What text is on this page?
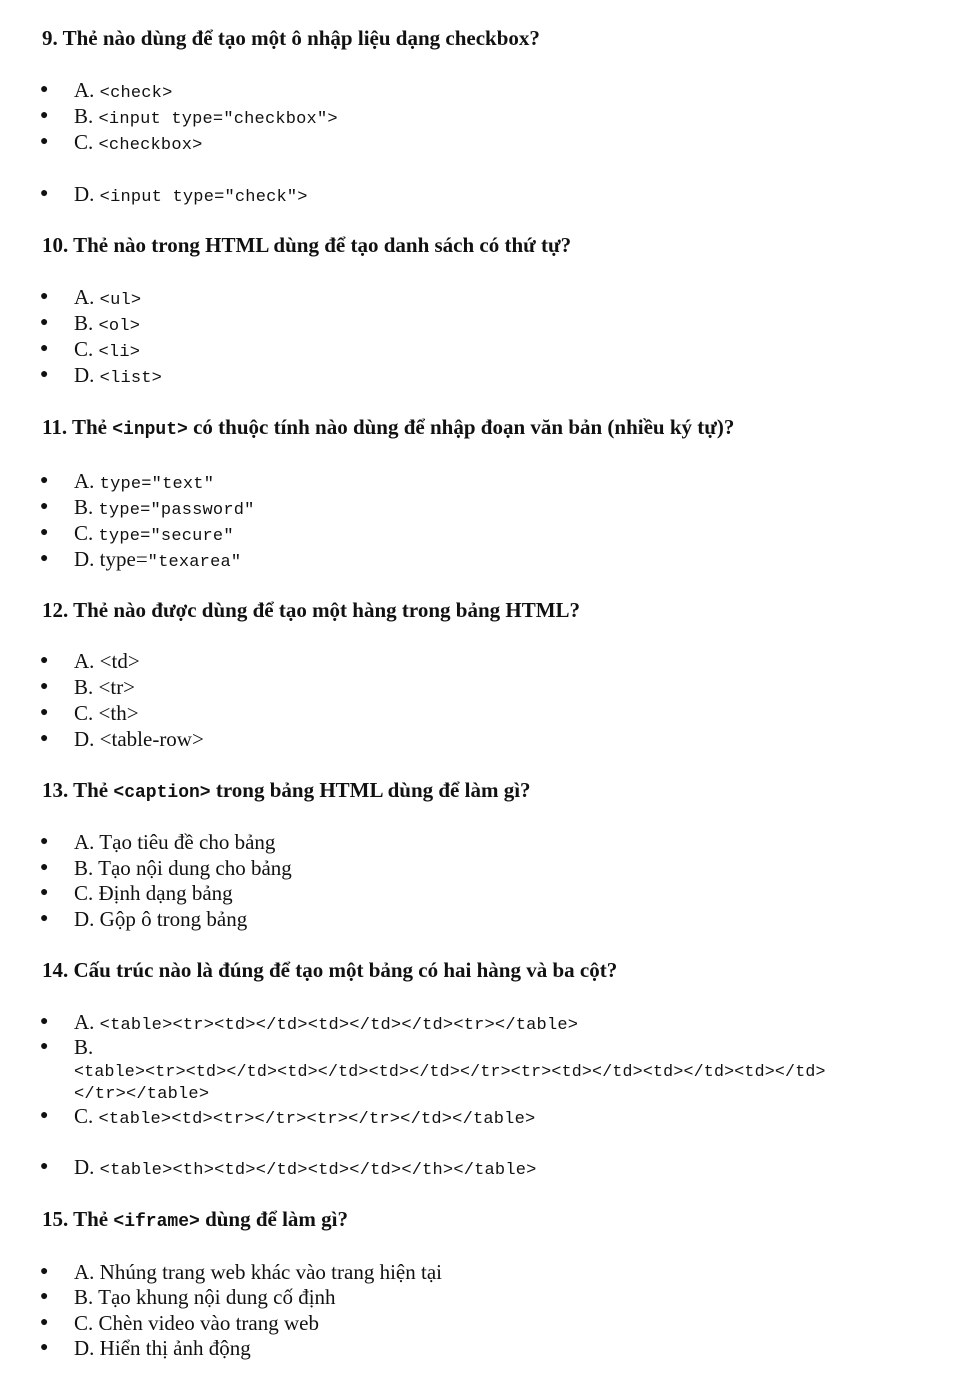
9. Thẻ nào dùng để tạo một ô nhập liệu dạng checkbox?
● A. <check>
● B. <input type="checkbox">
● C. <checkbox>
● D. <input type="check">
10. Thẻ nào trong HTML dùng để tạo danh sách có thứ tự?
● A. <ul>
● B. <ol>
● C. <li>
● D. <list>
11. Thẻ <input> có thuộc tính nào dùng để nhập đoạn văn bản (nhiều ký tự)?
● A. type="text"
● B. type="password"
● C. type="secure"
● D. type="texarea"
12. Thẻ nào được dùng để tạo một hàng trong bảng HTML?
● A. <td>
● B. <tr>
● C. <th>
● D. <table-row>
13. Thẻ <caption> trong bảng HTML dùng để làm gì?
● A. Tạo tiêu đề cho bảng
● B. Tạo nội dung cho bảng
● C. Định dạng bảng
● D. Gộp ô trong bảng
14. Cấu trúc nào là đúng để tạo một bảng có hai hàng và ba cột?
● A. <table><tr><td></td><td></td></td><tr></table>
● B.
<table><tr><td></td><td></td><td></td></tr><tr><td></td><td></td><td></td>
</tr></table>
● C. <table><td><tr></tr><tr></tr></td></table>
● D. <table><th><td></td><td></td></th></table>
15. Thẻ <iframe> dùng để làm gì?
● A. Nhúng trang web khác vào trang hiện tại
● B. Tạo khung nội dung cố định
● C. Chèn video vào trang web
● D. Hiển thị ảnh động
